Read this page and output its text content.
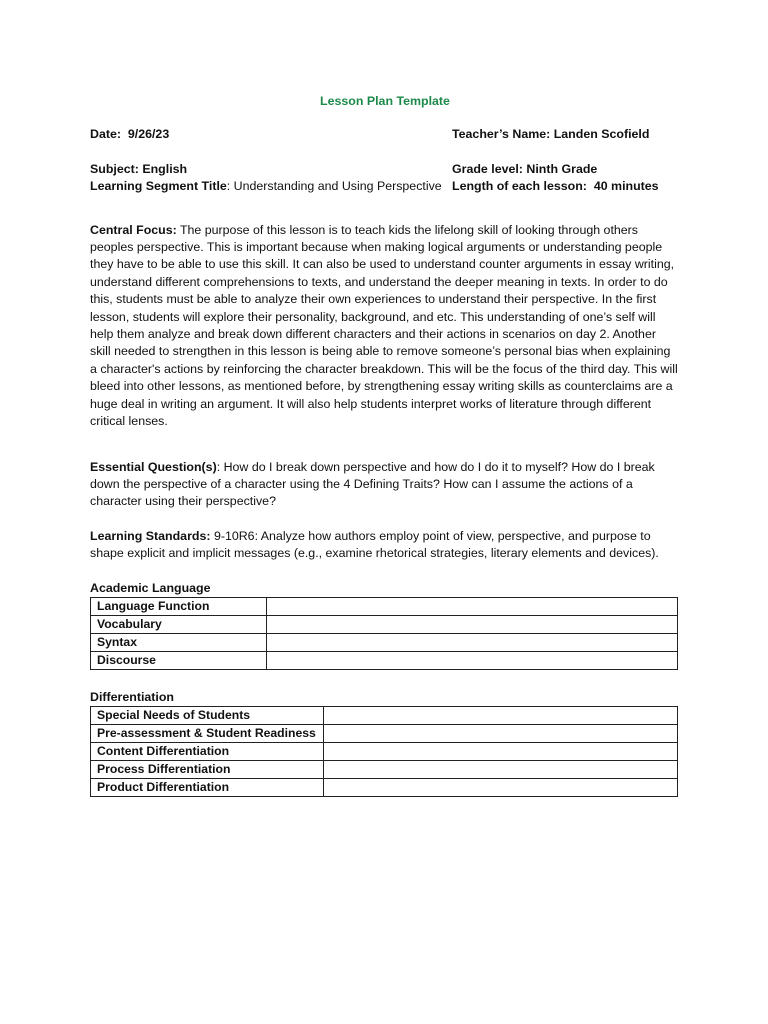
Lesson Plan Template
Date: 9/26/23	Teacher’s Name: Landen Scofield
Subject: English	Grade level: Ninth Grade
Learning Segment Title: Understanding and Using Perspective Length of each lesson: 40 minutes

Central Focus: The purpose of this lesson is to teach kids the lifelong skill of looking through others peoples perspective. This is important because when making logical arguments or understanding people they have to be able to use this skill. It can also be used to understand counter arguments in essay writing, understand different comprehensions to texts, and understand the deeper meaning in texts. In order to do this, students must be able to analyze their own experiences to understand their perspective. In the first lesson, students will explore their personality, background, and etc. This understanding of one’s self will help them analyze and break down different characters and their actions in scenarios on day 2. Another skill needed to strengthen in this lesson is being able to remove someone’s personal bias when explaining a character's actions by reinforcing the character breakdown. This will be the focus of the third day. This will bleed into other lessons, as mentioned before, by strengthening essay writing skills as counterclaims are a huge deal in writing an argument. It will also help students interpret works of literature through different critical lenses.

Essential Question(s): How do I break down perspective and how do I do it to myself? How do I break down the perspective of a character using the 4 Defining Traits? How can I assume the actions of a character using their perspective?

Learning Standards: 9-10R6: Analyze how authors employ point of view, perspective, and purpose to shape explicit and implicit messages (e.g., examine rhetorical strategies, literary elements and devices).

Academic Language

Language Function	
Vocabulary	
Syntax	
Discourse	

Differentiation

Special Needs of Students	
Pre-assessment & Student Readiness	
Content Differentiation	
Process Differentiation	
Product Differentiation	
